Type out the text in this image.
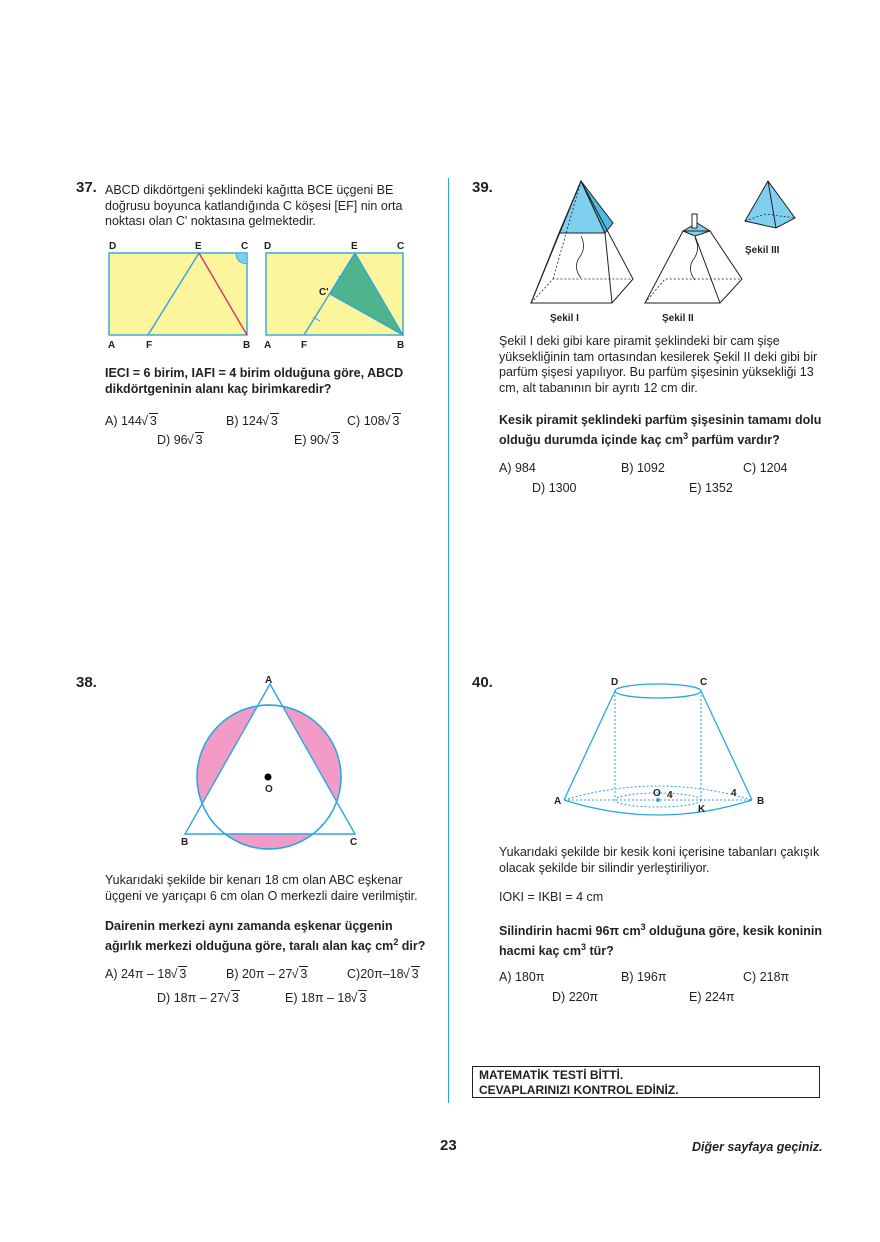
37. ABCD dikdörtgeni şeklindeki kağıtta BCE üçgeni BE doğrusu boyunca katlandığında C köşesi [EF] nin orta noktası olan C' noktasına gelmektedir.
D	E	C
A	F	B
D	E	C
C'
A	F	B
IECI = 6 birim, IAFI = 4 birim olduğuna göre, ABCD dikdörtgeninin alanı kaç birimkaredir?
A) 144 √ 3	B) 124 √ 3	C) 108 √ 3
D) 96 √ 3	E) 90 √ 3
38.	A
B	C
O
Yukarıdaki şekilde bir kenarı 18 cm olan ABC eşkenar üçgeni ve yarıçapı 6 cm olan O merkezli daire verilmiştir.
Dairenin merkezi aynı zamanda eşkenar üçgenin ağırlık merkezi olduğuna göre, taralı alan kaç $cm^2$ dir?
A) 24π – 18 √ 3	B) 20π – 27 √ 3	C)20π–18 √ 3
D) 18π – 27 √ 3	E) 18π – 18 √ 3
39.
Şekil I	Şekil II
Şekil III
Şekil I deki gibi kare piramit şeklindeki bir cam şişe yüksekliğinin tam ortasından kesilerek Şekil II deki gibi bir parfüm şişesi yapılıyor. Bu parfüm şişesinin yüksekliği 13 cm, alt tabanının bir ayrıtı 12 cm dir.
Kesik piramit şeklindeki parfüm şişesinin tamamı dolu olduğu durumda içinde kaç $cm^3$ parfüm vardır?
A) 984	B) 1092	C) 1204
D) 1300	E) 1352
40.	D	C
A	B
O 4
K
4
Yukarıdaki şekilde bir kesik koni içerisine tabanları çakışık olacak şekilde bir silindir yerleştiriliyor.
IOKI = IKBI = 4 cm
Silindirin hacmi 96π $cm^3$ olduğuna göre, kesik koninin hacmi kaç $cm^3$ tür?
A) 180π	B) 196π	C) 218π
D) 220π	E) 224π
MATEMATİK TESTİ BİTTİ.
CEVAPLARINIZI KONTROL EDİNİZ.
23	Diğer sayfaya geçiniz.
